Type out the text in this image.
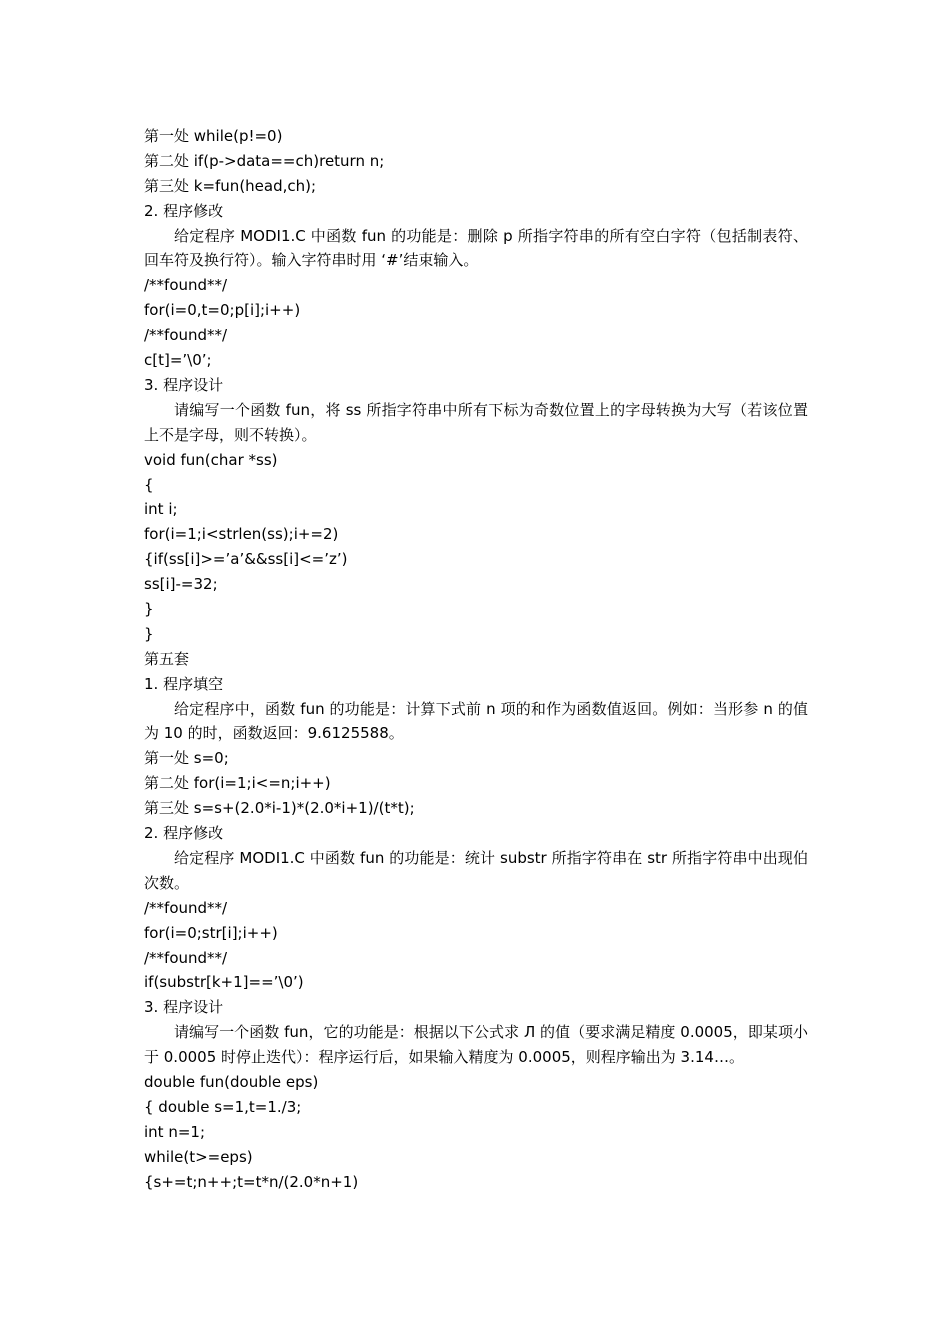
第一处 while(p!=0)
第二处 if(p->data==ch)return n;
第三处 k=fun(head,ch);
2. 程序修改
给定程序 MODI1.C 中函数 fun 的功能是：删除 p 所指字符串的所有空白字符（包括制表符、回车符及换行符）。输入字符串时用 ‘#’结束输入。
/**found**/
for(i=0,t=0;p[i];i++)
/**found**/
c[t]=’\0’;
3. 程序设计
请编写一个函数 fun，将 ss 所指字符串中所有下标为奇数位置上的字母转换为大写（若该位置上不是字母，则不转换）。
void fun(char *ss)
{
int i;
for(i=1;i<strlen(ss);i+=2)
{if(ss[i]>=’a’&&ss[i]<=’z’)
ss[i]-=32;
}
}
第五套
1. 程序填空
给定程序中，函数 fun 的功能是：计算下式前 n 项的和作为函数值返回。例如：当形参 n 的值为 10 的时，函数返回：9.6125588。
第一处 s=0;
第二处 for(i=1;i<=n;i++)
第三处 s=s+(2.0*i-1)*(2.0*i+1)/(t*t);
2. 程序修改
给定程序 MODI1.C 中函数 fun 的功能是：统计 substr 所指字符串在 str 所指字符串中出现伯次数。
/**found**/
for(i=0;str[i];i++)
/**found**/
if(substr[k+1]==’\0’)
3. 程序设计
请编写一个函数 fun，它的功能是：根据以下公式求 Л 的值（要求满足精度 0.0005，即某项小于 0.0005 时停止迭代）：程序运行后，如果输入精度为 0.0005，则程序输出为 3.14…。
double fun(double eps)
{ double s=1,t=1./3;
int n=1;
while(t>=eps)
{s+=t;n++;t=t*n/(2.0*n+1)
